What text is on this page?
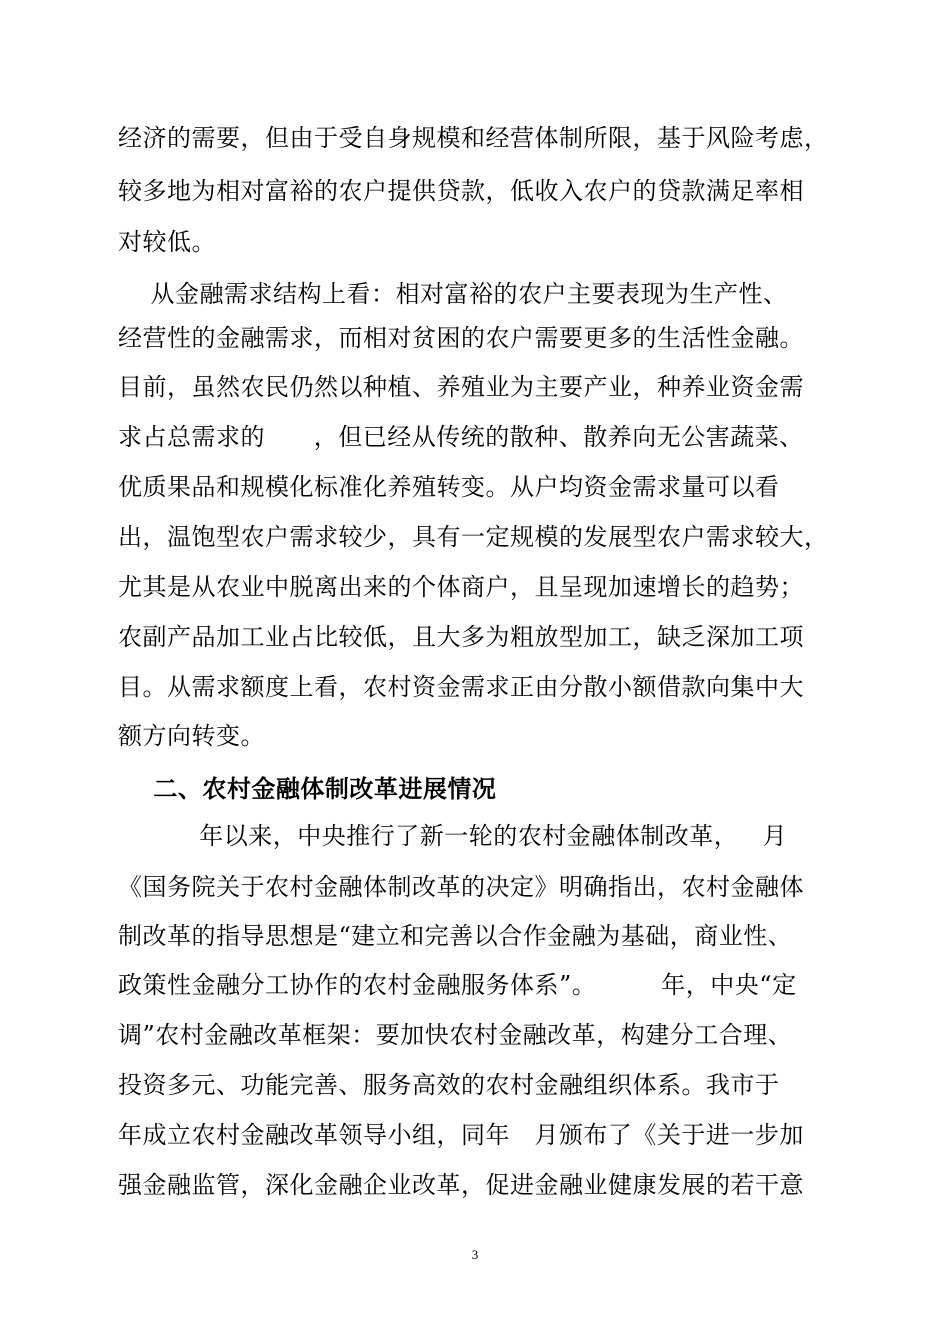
经济的需要，但由于受自身规模和经营体制所限，基于风险考虑，
较多地为相对富裕的农户提供贷款，低收入农户的贷款满足率相
对较低。
从金融需求结构上看：相对富裕的农户主要表现为生产性、
经营性的金融需求，而相对贫困的农户需要更多的生活性金融。
目前，虽然农民仍然以种植、养殖业为主要产业，种养业资金需
求占总需求的      ，但已经从传统的散种、散养向无公害蔬菜、
优质果品和规模化标准化养殖转变。从户均资金需求量可以看
出，温饱型农户需求较少，具有一定规模的发展型农户需求较大，
尤其是从农业中脱离出来的个体商户，且呈现加速增长的趋势；
农副产品加工业占比较低，且大多为粗放型加工，缺乏深加工项
目。从需求额度上看，农村资金需求正由分散小额借款向集中大
额方向转变。
二、农村金融体制改革进展情况
年以来，中央推行了新一轮的农村金融体制改革，   月
《国务院关于农村金融体制改革的决定》明确指出，农村金融体
制改革的指导思想是“建立和完善以合作金融为基础，商业性、
政策性金融分工协作的农村金融服务体系”。        年，中央“定
调”农村金融改革框架：要加快农村金融改革，构建分工合理、
投资多元、功能完善、服务高效的农村金融组织体系。我市于
年成立农村金融改革领导小组，同年   月颁布了《关于进一步加
强金融监管，深化金融企业改革，促进金融业健康发展的若干意
3
